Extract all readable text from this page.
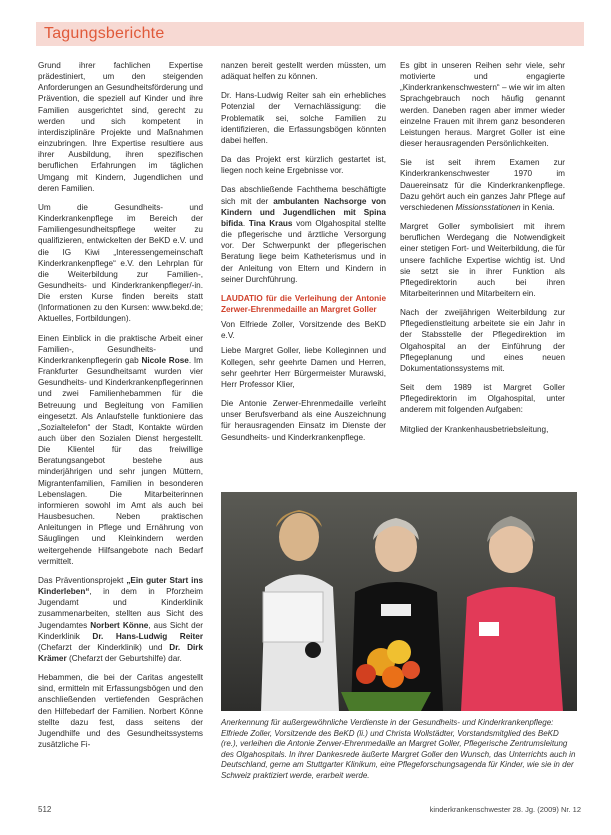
Tagungsberichte

Grund ihrer fachlichen Expertise prädestiniert, um den steigenden Anforderungen an Gesundheitsförderung und Prävention, die speziell auf Kinder und ihre Familien ausgerichtet sind, gerecht zu werden und sich kompetent in interdisziplinäre Projekte und Maßnahmen einzubringen. Ihre Expertise resultiere aus ihrer Ausbildung, ihren spezifischen beruflichen Erfahrungen im täglichen Umgang mit Kindern, Jugendlichen und deren Familien.

Um die Gesundheits- und Kinderkrankenpflege im Bereich der Familiengesundheitspflege weiter zu qualifizieren, entwickelten der BeKD e.V. und die IG Kiwi „Interessengemeinschaft Kinderkrankenpflege“ e.V. den Lehrplan für die Weiterbildung zur Familien-, Gesundheits- und Kinderkrankenpfleger/-in. Die ersten Kurse finden bereits statt (Informationen zu den Kursen: www.bekd.de; Aktuelles, Fortbildungen).

Einen Einblick in die praktische Arbeit einer Familien-, Gesundheits- und Kinderkrankenpflegerin gab Nicole Rose. Im Frankfurter Gesundheitsamt wurden vier Gesundheits- und Kinderkrankenpflegerinnen und zwei Familienhebammen für die Betreuung und Begleitung von Familien eingesetzt. Als Anlaufstelle funktioniere das „Sozialtelefon“ der Stadt, Kontakte würden auch über den Sozialen Dienst hergestellt. Die Klientel für das freiwillige Beratungsangebot bestehe aus minderjährigen und sehr jungen Müttern, Migrantenfamilien, Familien in besonderen Lebenslagen. Die Mitarbeiterinnen informieren sowohl im Amt als auch bei Hausbesuchen. Neben praktischen Anleitungen in Pflege und Ernährung von Säuglingen und Kleinkindern werden weitergehende Hilfsangebote nach Bedarf vermittelt.

Das Präventionsprojekt „Ein guter Start ins Kinderleben“, in dem in Pforzheim Jugendamt und Kinderklinik zusammenarbeiten, stellten aus Sicht des Jugendamtes Norbert Könne, aus Sicht der Kinderklinik Dr. Hans-Ludwig Reiter (Chefarzt der Kinderklinik) und Dr. Dirk Krämer (Chefarzt der Geburtshilfe) dar.

Hebammen, die bei der Caritas angestellt sind, ermitteln mit Erfassungsbögen und den anschließenden vertiefenden Gesprächen den Hilfebedarf der Familien. Norbert Könne stellte dazu fest, dass seitens der Jugendhilfe und des Gesundheitssystems zusätzliche Fi-

nanzen bereit gestellt werden müssten, um adäquat helfen zu können.

Dr. Hans-Ludwig Reiter sah ein erhebliches Potenzial der Vernachlässigung: die Problematik sei, solche Familien zu identifizieren, die Erfassungsbögen könnten dabei helfen.

Da das Projekt erst kürzlich gestartet ist, liegen noch keine Ergebnisse vor.

Das abschließende Fachthema beschäftigte sich mit der ambulanten Nachsorge von Kindern und Jugendlichen mit Spina bifida. Tina Kraus vom Olgahospital stellte die pflegerische und ärztliche Versorgung vor. Der Schwerpunkt der pflegerischen Beratung liege beim Katheterismus und in der Anleitung von Eltern und Kindern in seiner Durchführung.

LAUDATIO für die Verleihung der Antonie Zerwer-Ehrenmedaille an Margret Goller

Von Elfriede Zoller, Vorsitzende des BeKD e.V.

Liebe Margret Goller, liebe Kolleginnen und Kollegen, sehr geehrte Damen und Herren, sehr geehrter Herr Bürgermeister Murawski, Herr Professor Klier,

Die Antonie Zerwer-Ehrenmedaille verleiht unser Berufsverband als eine Auszeichnung für herausragenden Einsatz im Dienste der Gesundheits- und Kinderkrankenpflege.

Es gibt in unseren Reihen sehr viele, sehr motivierte und engagierte „Kinderkrankenschwestern“ – wie wir im alten Sprachgebrauch noch häufig genannt werden. Daneben ragen aber immer wieder einzelne Frauen mit ihrem ganz besonderen Leistungen heraus. Margret Goller ist eine dieser herausragenden Persönlichkeiten.

Sie ist seit ihrem Examen zur Kinderkrankenschwester 1970 im Dauereinsatz für die Kinderkrankenpflege. Dazu gehört auch ein ganzes Jahr Pflege auf verschiedenen Missionsstationen in Kenia.

Margret Goller symbolisiert mit ihrem beruflichen Werdegang die Notwendigkeit einer stetigen Fort- und Weiterbildung, die für unsere fachliche Expertise wichtig ist. Und sie setzt sie in ihrer Funktion als Pflegedirektorin auch bei ihren Mitarbeiterinnen und Mitarbeitern ein.

Nach der zweijährigen Weiterbildung zur Pflegedienstleitung arbeitete sie ein Jahr in der Stabsstelle der Pflegedirektion im Olgahospital an der Einführung der Pflegeplanung und eines neuen Dokumentationssystems mit.

Seit dem 1989 ist Margret Goller Pflegedirektorin im Olgahospital, unter anderem mit folgenden Aufgaben:

Mitglied der Krankenhausbetriebsleitung,

Anerkennung für außergewöhnliche Verdienste in der Gesundheits- und Kinderkrankenpflege: Elfriede Zoller, Vorsitzende des BeKD (li.) und Christa Wollstädter, Vorstandsmitglied des BeKD (re.), verleihen die Antonie Zerwer-Ehrenmedaille an Margret Goller, Pflegerische Zentrumsleitung des Olgahospitals. In ihrer Dankesrede äußerte Margret Goller den Wunsch, das Unterrichts auch in Deutschland, gerne am Stuttgarter Klinikum, eine Pflegeforschungsagenda für Kinder, wie sie in der Schweiz praktiziert werde, erarbeit werde.
512	kinderkrankenschwester 28. Jg. (2009) Nr. 12
